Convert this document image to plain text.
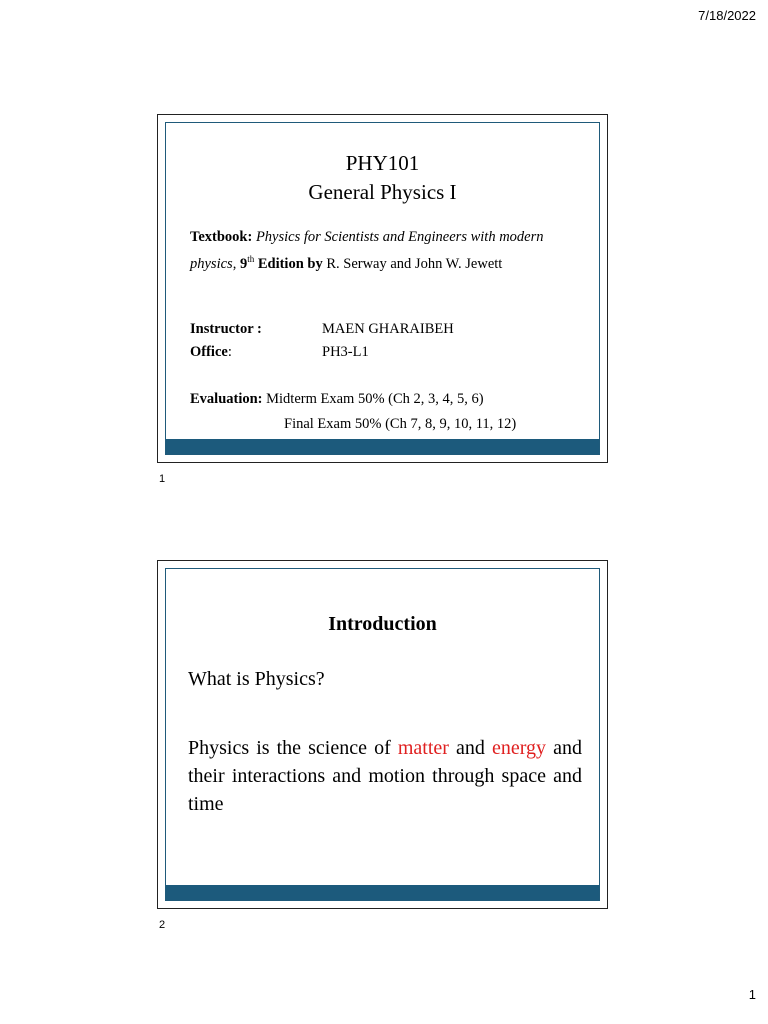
7/18/2022
PHY101
General Physics I
Textbook: Physics for Scientists and Engineers with modern physics, 9th Edition by R. Serway and John W. Jewett
Instructor :	MAEN GHARAIBEH
Office:	PH3-L1
Evaluation: Midterm Exam 50% (Ch 2, 3, 4, 5, 6)
Final Exam 50% (Ch 7, 8, 9, 10, 11, 12)
1
Introduction
What is Physics?
Physics is the science of matter and energy and their interactions and motion through space and time
2
1
